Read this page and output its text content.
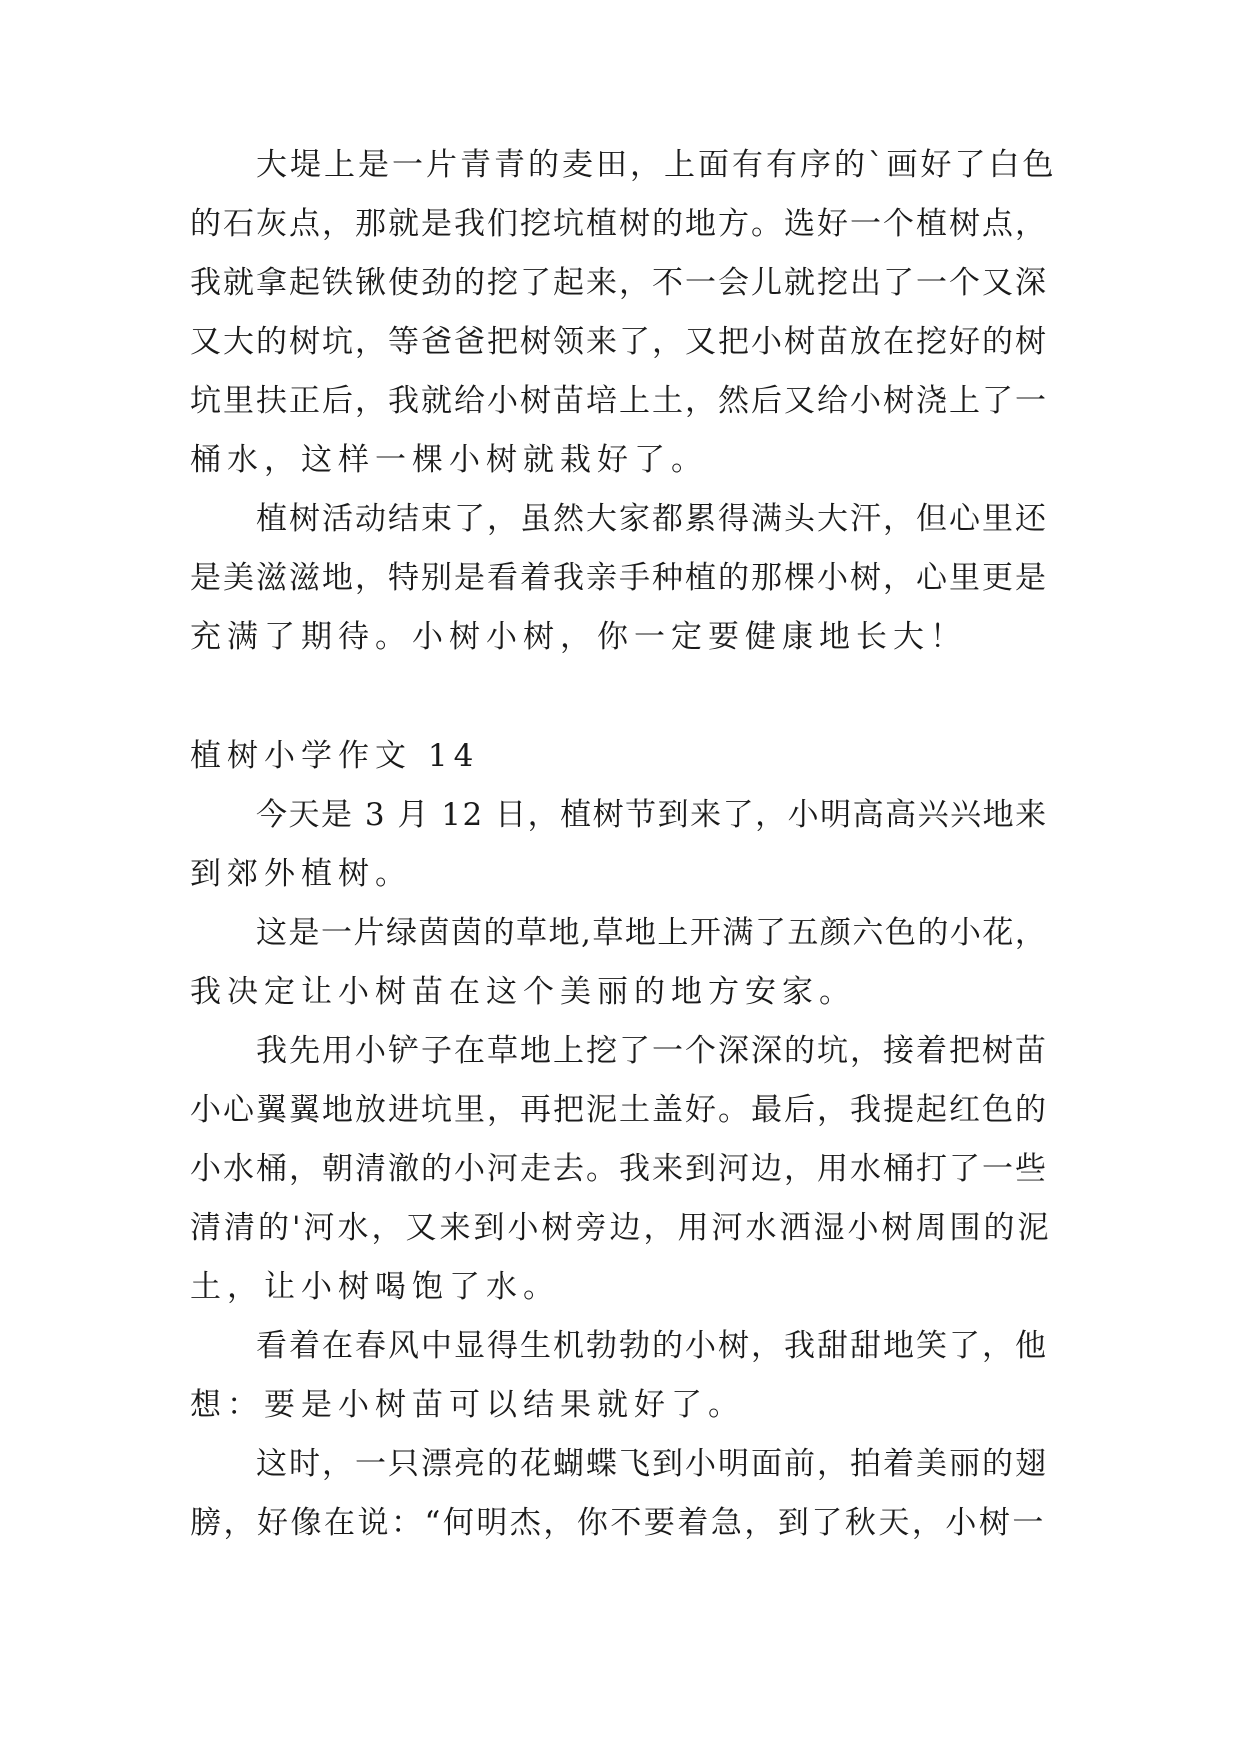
大堤上是一片青青的麦田，上面有有序的`画好了白色

的石灰点，那就是我们挖坑植树的地方。选好一个植树点，

我就拿起铁锹使劲的挖了起来，不一会儿就挖出了一个又深

又大的树坑，等爸爸把树领来了，又把小树苗放在挖好的树

坑里扶正后，我就给小树苗培上土，然后又给小树浇上了一

桶水，这样一棵小树就栽好了。

植树活动结束了，虽然大家都累得满头大汗，但心里还

是美滋滋地，特别是看着我亲手种植的那棵小树，心里更是

充满了期待。小树小树，你一定要健康地长大！

植树小学作文 14

今天是 3 月 12 日，植树节到来了，小明高高兴兴地来

到郊外植树。

这是一片绿茵茵的草地,草地上开满了五颜六色的小花，

我决定让小树苗在这个美丽的地方安家。

我先用小铲子在草地上挖了一个深深的坑，接着把树苗

小心翼翼地放进坑里，再把泥土盖好。最后，我提起红色的

小水桶，朝清澈的小河走去。我来到河边，用水桶打了一些

清清的'河水，又来到小树旁边，用河水洒湿小树周围的泥

土，让小树喝饱了水。

看着在春风中显得生机勃勃的小树，我甜甜地笑了，他

想：要是小树苗可以结果就好了。

这时，一只漂亮的花蝴蝶飞到小明面前，拍着美丽的翅

膀，好像在说：“何明杰，你不要着急，到了秋天，小树一
